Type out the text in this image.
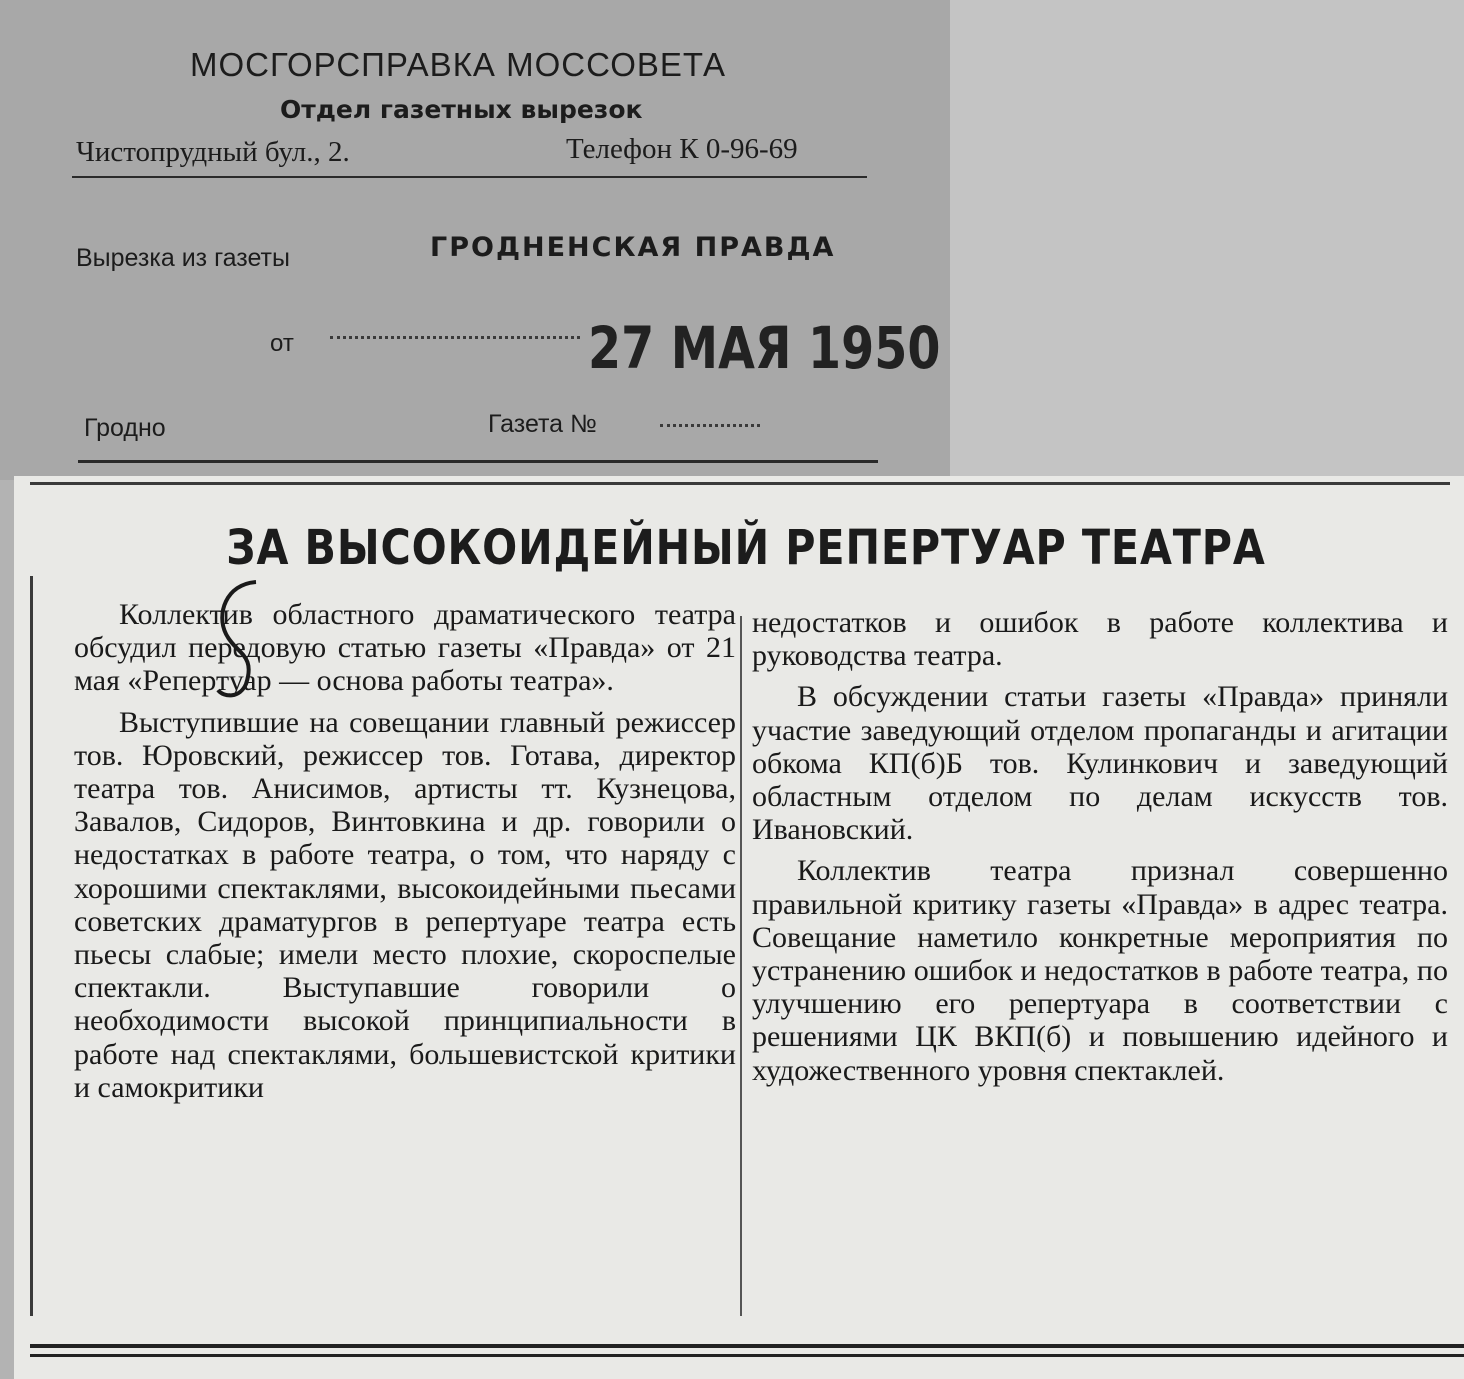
МОСГОРСПРАВКА МОССОВЕТА
Отдел газетных вырезок
Чистопрудный бул., 2.	Телефон К 0-96-69
Вырезка из газеты	ГРОДНЕНСКАЯ ПРАВДА
от	27 МАЯ 1950
Гродно	Газета №
ЗА ВЫСОКОИДЕЙНЫЙ РЕПЕРТУАР ТЕАТРА

Коллектив областного драматического театра обсудил передовую статью газеты «Правда» от 21 мая «Репертуар — основа работы театра».

Выступившие на совещании главный режиссер тов. Юровский, режиссер тов. Готава, директор театра тов. Анисимов, артисты тт. Кузнецова, Завалов, Сидоров, Винтовкина и др. говорили о недостатках в работе театра, о том, что наряду с хорошими спектаклями, высокоидейными пьесами советских драматургов в репертуаре театра есть пьесы слабые; имели место плохие, скороспелые спектакли. Выступавшие говорили о необходимости высокой принципиальности в работе над спектаклями, большевистской критики и самокритики

недостатков и ошибок в работе коллектива и руководства театра.

В обсуждении статьи газеты «Правда» приняли участие заведующий отделом пропаганды и агитации обкома КП(б)Б тов. Кулинкович и заведующий областным отделом по делам искусств тов. Ивановский.

Коллектив театра признал совершенно правильной критику газеты «Правда» в адрес театра. Совещание наметило конкретные мероприятия по устранению ошибок и недостатков в работе театра, по улучшению его репертуара в соответствии с решениями ЦК ВКП(б) и повышению идейного и художественного уровня спектаклей.
